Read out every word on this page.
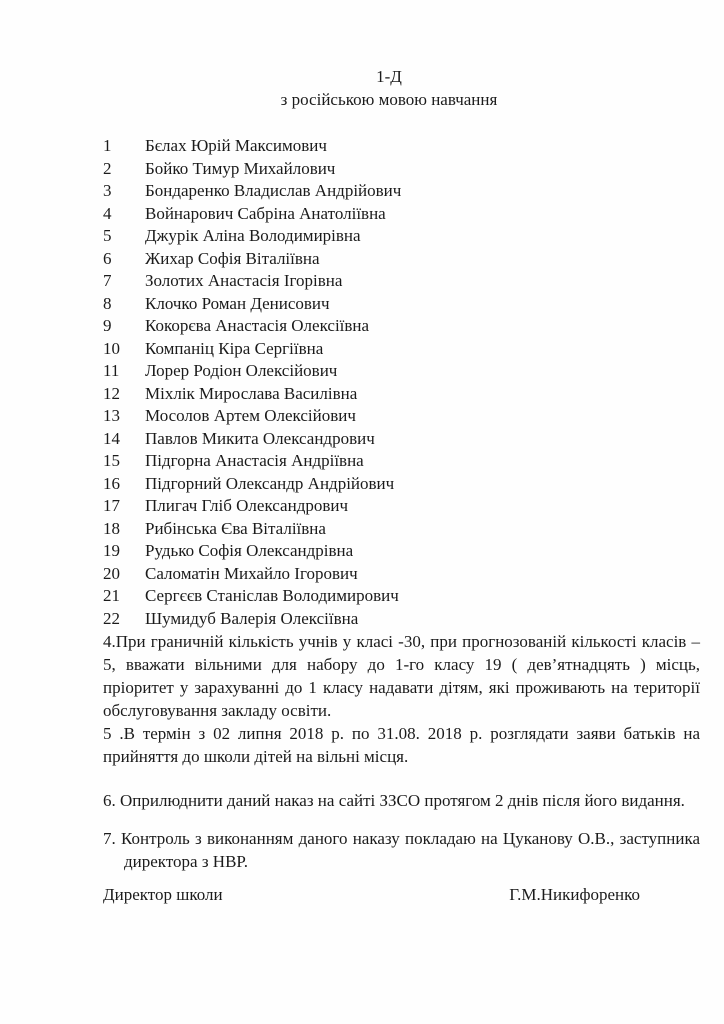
1-Д
з російською мовою навчання
1	Бєлах Юрій Максимович
2	Бойко Тимур Михайлович
3	Бондаренко Владислав Андрійович
4	Войнарович Сабріна Анатоліївна
5	Джурік Аліна Володимирівна
6	Жихар Софія Віталіївна
7	Золотих Анастасія Ігорівна
8	Клочко Роман Денисович
9	Кокорєва Анастасія Олексіївна
10	Компаніц Кіра Сергіївна
11	Лорер Родіон Олексійович
12	Міхлік Мирослава Василівна
13	Мосолов Артем Олексійович
14	Павлов Микита Олександрович
15	Підгорна Анастасія Андріївна
16	Підгорний Олександр Андрійович
17	Плигач Гліб Олександрович
18	Рибінська Єва Віталіївна
19	Рудько Софія Олександрівна
20	Саломатін Михайло Ігорович
21	Сергєєв Станіслав Володимирович
22	Шумидуб Валерія Олексіївна

4.При граничній кількість учнів у класі -30, при прогнозованій кількості класів – 5, вважати вільними для набору до 1-го класу 19 ( дев’ятнадцять ) місць, пріоритет у зарахуванні до 1 класу надавати дітям, які проживають на території обслуговування закладу освіти.

5 .В термін з 02 липня 2018 р. по 31.08. 2018 р. розглядати заяви батьків на прийняття до школи дітей на вільні місця.

6. Оприлюднити даний наказ на сайті ЗЗСО протягом 2 днів після його видання.

7. Контроль з виконанням даного наказу покладаю на Цуканову О.В., заступника директора з НВР.

Директор школи	Г.М.Никифоренко
